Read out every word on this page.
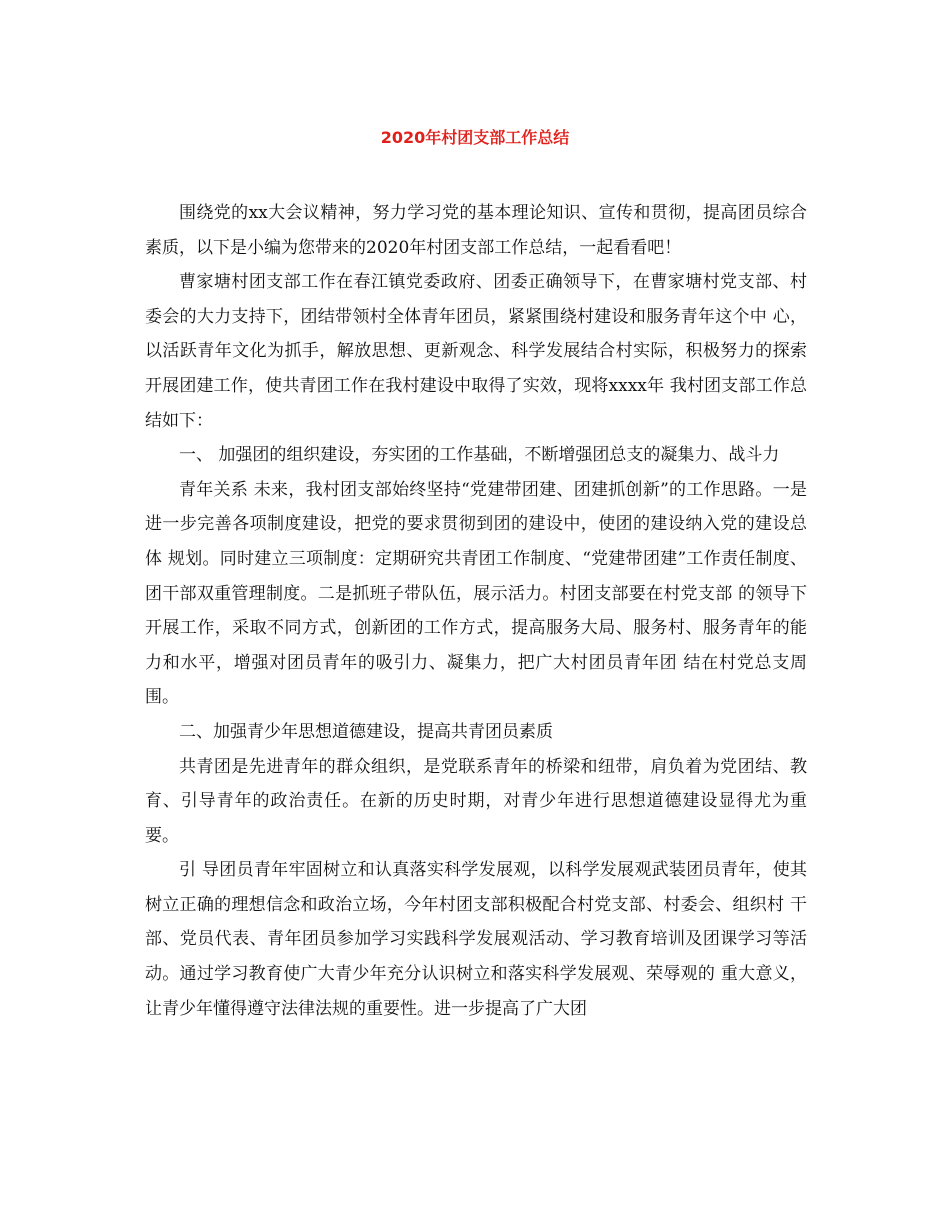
2020年村团支部工作总结

围绕党的xx大会议精神，努力学习党的基本理论知识、宣传和贯彻，提高团员综合素质，以下是小编为您带来的2020年村团支部工作总结，一起看看吧！

曹家塘村团支部工作在春江镇党委政府、团委正确领导下，在曹家塘村党支部、村委会的大力支持下，团结带领村全体青年团员，紧紧围绕村建设和服务青年这个中 心，以活跃青年文化为抓手，解放思想、更新观念、科学发展结合村实际，积极努力的探索开展团建工作，使共青团工作在我村建设中取得了实效，现将xxxx年 我村团支部工作总结如下：

一、 加强团的组织建设，夯实团的工作基础，不断增强团总支的凝集力、战斗力

青年关系 未来，我村团支部始终坚持“党建带团建、团建抓创新”的工作思路。一是进一步完善各项制度建设，把党的要求贯彻到团的建设中，使团的建设纳入党的建设总体 规划。同时建立三项制度：定期研究共青团工作制度、“党建带团建”工作责任制度、团干部双重管理制度。二是抓班子带队伍，展示活力。村团支部要在村党支部 的领导下开展工作，采取不同方式，创新团的工作方式，提高服务大局、服务村、服务青年的能力和水平，增强对团员青年的吸引力、凝集力，把广大村团员青年团 结在村党总支周围。

二、加强青少年思想道德建设，提高共青团员素质

共青团是先进青年的群众组织，是党联系青年的桥梁和纽带，肩负着为党团结、教育、引导青年的政治责任。在新的历史时期，对青少年进行思想道德建设显得尤为重要。

引 导团员青年牢固树立和认真落实科学发展观，以科学发展观武装团员青年，使其树立正确的理想信念和政治立场，今年村团支部积极配合村党支部、村委会、组织村 干部、党员代表、青年团员参加学习实践科学发展观活动、学习教育培训及团课学习等活动。通过学习教育使广大青少年充分认识树立和落实科学发展观、荣辱观的 重大意义，让青少年懂得遵守法律法规的重要性。进一步提高了广大团
